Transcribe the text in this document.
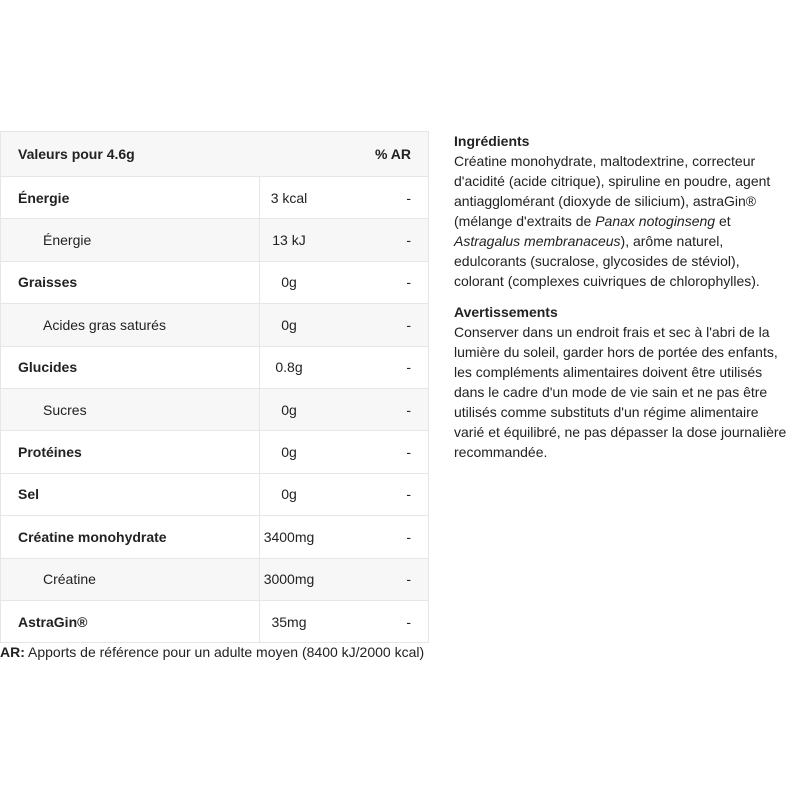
Valeurs pour 4.6g	% AR
Énergie	3 kcal	-
Énergie	13 kJ	-
Graisses	0g	-
Acides gras saturés	0g	-
Glucides	0.8g	-
Sucres	0g	-
Protéines	0g	-
Sel	0g	-
Créatine monohydrate	3400mg	-
Créatine	3000mg	-
AstraGin®	35mg	-
AR: Apports de référence pour un adulte moyen (8400 kJ/2000 kcal)
Ingrédients

Créatine monohydrate, maltodextrine, correcteur d'acidité (acide citrique), spiruline en poudre, agent antiagglomérant (dioxyde de silicium), astraGin® (mélange d'extraits de Panax notoginseng et Astragalus membranaceus), arôme naturel, edulcorants (sucralose, glycosides de stéviol), colorant (complexes cuivriques de chlorophylles).

Avertissements

Conserver dans un endroit frais et sec à l'abri de la lumière du soleil, garder hors de portée des enfants, les compléments alimentaires doivent être utilisés dans le cadre d'un mode de vie sain et ne pas être utilisés comme substituts d'un régime alimentaire varié et équilibré, ne pas dépasser la dose journalière recommandée.
